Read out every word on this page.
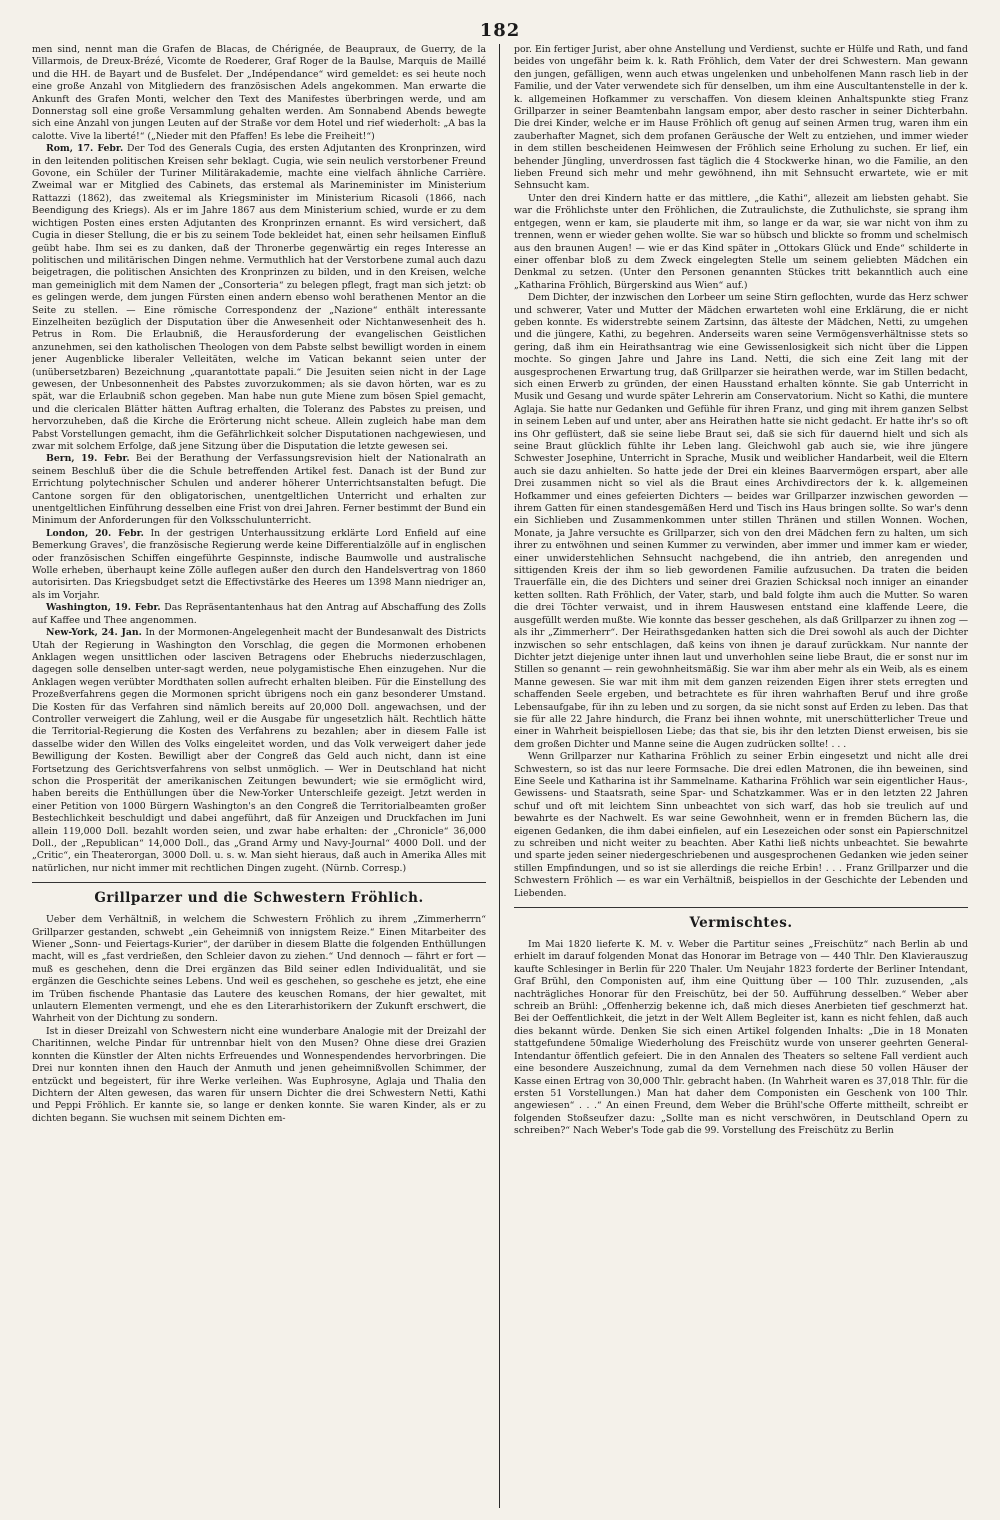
182

men sind, nennt man die Grafen de Blacas, de Chérignée, de Beaupraux, de Guerry, de la Villarmois, de Dreux-Brézé, Vicomte de Roederer, Graf Roger de la Baulse, Marquis de Maillé und die HH. de Bayart und de Busfelet. Der „Indépendance“ wird gemeldet: es sei heute noch eine große Anzahl von Mitgliedern des französischen Adels angekommen. Man erwarte die Ankunft des Grafen Monti, welcher den Text des Manifestes überbringen werde, und am Donnerstag soll eine große Versammlung gehalten werden. Am Sonnabend Abends bewegte sich eine Anzahl von jungen Leuten auf der Straße vor dem Hotel und rief wiederholt: „A bas la calotte. Vive la liberté!“ („Nieder mit den Pfaffen! Es lebe die Freiheit!“)

Rom, 17. Febr. Der Tod des Generals Cugia, des ersten Adjutanten des Kronprinzen, wird in den leitenden politischen Kreisen sehr beklagt. Cugia, wie sein neulich verstorbener Freund Govone, ein Schüler der Turiner Militärakademie, machte eine vielfach ähnliche Carrière. Zweimal war er Mitglied des Cabinets, das erstemal als Marineminister im Ministerium Rattazzi (1862), das zweitemal als Kriegsminister im Ministerium Ricasoli (1866, nach Beendigung des Kriegs). Als er im Jahre 1867 aus dem Ministerium schied, wurde er zu dem wichtigen Posten eines ersten Adjutanten des Kronprinzen ernannt. Es wird versichert, daß Cugia in dieser Stellung, die er bis zu seinem Tode bekleidet hat, einen sehr heilsamen Einfluß geübt habe. Ihm sei es zu danken, daß der Thronerbe gegenwärtig ein reges Interesse an politischen und militärischen Dingen nehme. Vermuthlich hat der Verstorbene zumal auch dazu beigetragen, die politischen Ansichten des Kronprinzen zu bilden, und in den Kreisen, welche man gemeiniglich mit dem Namen der „Consorteria“ zu belegen pflegt, fragt man sich jetzt: ob es gelingen werde, dem jungen Fürsten einen andern ebenso wohl berathenen Mentor an die Seite zu stellen. — Eine römische Correspondenz der „Nazione“ enthält interessante Einzelheiten bezüglich der Disputation über die Anwesenheit oder Nichtanwesenheit des h. Petrus in Rom. Die Erlaubniß, die Herausforderung der evangelischen Geistlichen anzunehmen, sei den katholischen Theologen von dem Pabste selbst bewilligt worden in einem jener Augenblicke liberaler Velleitäten, welche im Vatican bekannt seien unter der (unübersetzbaren) Bezeichnung „quarantottate papali.“ Die Jesuiten seien nicht in der Lage gewesen, der Unbesonnenheit des Pabstes zuvorzukommen; als sie davon hörten, war es zu spät, war die Erlaubniß schon gegeben. Man habe nun gute Miene zum bösen Spiel gemacht, und die clericalen Blätter hätten Auftrag erhalten, die Toleranz des Pabstes zu preisen, und hervorzuheben, daß die Kirche die Erörterung nicht scheue. Allein zugleich habe man dem Pabst Vorstellungen gemacht, ihm die Gefährlichkeit solcher Disputationen nachgewiesen, und zwar mit solchem Erfolge, daß jene Sitzung über die Disputation die letzte gewesen sei.

Bern, 19. Febr. Bei der Berathung der Verfassungsrevision hielt der Nationalrath an seinem Beschluß über die die Schule betreffenden Artikel fest. Danach ist der Bund zur Errichtung polytechnischer Schulen und anderer höherer Unterrichtsanstalten befugt. Die Cantone sorgen für den obligatorischen, unentgeltlichen Unterricht und erhalten zur unentgeltlichen Einführung desselben eine Frist von drei Jahren. Ferner bestimmt der Bund ein Minimum der Anforderungen für den Volksschulunterricht.

London, 20. Febr. In der gestrigen Unterhaussitzung erklärte Lord Enfield auf eine Bemerkung Graves', die französische Regierung werde keine Differentialzölle auf in englischen oder französischen Schiffen eingeführte Gespinnste, indische Baumwolle und australische Wolle erheben, überhaupt keine Zölle auflegen außer den durch den Handelsvertrag von 1860 autorisirten. Das Kriegsbudget setzt die Effectivstärke des Heeres um 1398 Mann niedriger an, als im Vorjahr.

Washington, 19. Febr. Das Repräsentantenhaus hat den Antrag auf Abschaffung des Zolls auf Kaffee und Thee angenommen.

New-York, 24. Jan. In der Mormonen-Angelegenheit macht der Bundesanwalt des Districts Utah der Regierung in Washington den Vorschlag, die gegen die Mormonen erhobenen Anklagen wegen unsittlichen oder lasciven Betragens oder Ehebruchs niederzuschlagen, dagegen solle denselben unter-sagt werden, neue polygamistische Ehen einzugehen. Nur die Anklagen wegen verübter Mordthaten sollen aufrecht erhalten bleiben. Für die Einstellung des Prozeßverfahrens gegen die Mormonen spricht übrigens noch ein ganz besonderer Umstand. Die Kosten für das Verfahren sind nämlich bereits auf 20,000 Doll. angewachsen, und der Controller verweigert die Zahlung, weil er die Ausgabe für ungesetzlich hält. Rechtlich hätte die Territorial-Regierung die Kosten des Verfahrens zu bezahlen; aber in diesem Falle ist dasselbe wider den Willen des Volks eingeleitet worden, und das Volk verweigert daher jede Bewilligung der Kosten. Bewilligt aber der Congreß das Geld auch nicht, dann ist eine Fortsetzung des Gerichtsverfahrens von selbst unmöglich. — Wer in Deutschland hat nicht schon die Prosperität der amerikanischen Zeitungen bewundert; wie sie ermöglicht wird, haben bereits die Enthüllungen über die New-Yorker Unterschleife gezeigt. Jetzt werden in einer Petition von 1000 Bürgern Washington's an den Congreß die Territorialbeamten großer Bestechlichkeit beschuldigt und dabei angeführt, daß für Anzeigen und Druckfachen im Juni allein 119,000 Doll. bezahlt worden seien, und zwar habe erhalten: der „Chronicle“ 36,000 Doll., der „Republican“ 14,000 Doll., das „Grand Army und Navy-Journal“ 4000 Doll. und der „Critic“, ein Theaterorgan, 3000 Doll. u. s. w. Man sieht hieraus, daß auch in Amerika Alles mit natürlichen, nur nicht immer mit rechtlichen Dingen zugeht. (Nürnb. Corresp.)

Grillparzer und die Schwestern Fröhlich.

Ueber dem Verhältniß, in welchem die Schwestern Fröhlich zu ihrem „Zimmerherrn“ Grillparzer gestanden, schwebt „ein Geheimniß von innigstem Reize.“ Einen Mitarbeiter des Wiener „Sonn- und Feiertags-Kurier“, der darüber in diesem Blatte die folgenden Enthüllungen macht, will es „fast verdrießen, den Schleier davon zu ziehen.“ Und dennoch — fährt er fort — muß es geschehen, denn die Drei ergänzen das Bild seiner edlen Individualität, und sie ergänzen die Geschichte seines Lebens. Und weil es geschehen, so geschehe es jetzt, ehe eine im Trüben fischende Phantasie das Lautere des keuschen Romans, der hier gewaltet, mit unlautern Elementen vermengt, und ehe es den Literarhistorikern der Zukunft erschwert, die Wahrheit von der Dichtung zu sondern.

Ist in dieser Dreizahl von Schwestern nicht eine wunderbare Analogie mit der Dreizahl der Charitinnen, welche Pindar für untrennbar hielt von den Musen? Ohne diese drei Grazien konnten die Künstler der Alten nichts Erfreuendes und Wonnespendendes hervorbringen. Die Drei nur konnten ihnen den Hauch der Anmuth und jenen geheimnißvollen Schimmer, der entzückt und begeistert, für ihre Werke verleihen. Was Euphrosyne, Aglaja und Thalia den Dichtern der Alten gewesen, das waren für unsern Dichter die drei Schwestern Netti, Kathi und Peppi Fröhlich. Er kannte sie, so lange er denken konnte. Sie waren Kinder, als er zu dichten begann. Sie wuchsen mit seinem Dichten em-

por. Ein fertiger Jurist, aber ohne Anstellung und Verdienst, suchte er Hülfe und Rath, und fand beides von ungefähr beim k. k. Rath Fröhlich, dem Vater der drei Schwestern. Man gewann den jungen, gefälligen, wenn auch etwas ungelenken und unbeholfenen Mann rasch lieb in der Familie, und der Vater verwendete sich für denselben, um ihm eine Auscultantenstelle in der k. k. allgemeinen Hofkammer zu verschaffen. Von diesem kleinen Anhaltspunkte stieg Franz Grillparzer in seiner Beamtenbahn langsam empor, aber desto rascher in seiner Dichterbahn. Die drei Kinder, welche er im Hause Fröhlich oft genug auf seinen Armen trug, waren ihm ein zauberhafter Magnet, sich dem profanen Geräusche der Welt zu entziehen, und immer wieder in dem stillen bescheidenen Heimwesen der Fröhlich seine Erholung zu suchen. Er lief, ein behender Jüngling, unverdrossen fast täglich die 4 Stockwerke hinan, wo die Familie, an den lieben Freund sich mehr und mehr gewöhnend, ihn mit Sehnsucht erwartete, wie er mit Sehnsucht kam.

Unter den drei Kindern hatte er das mittlere, „die Kathi“, allezeit am liebsten gehabt. Sie war die Fröhlichste unter den Fröhlichen, die Zutraulichste, die Zuthulichste, sie sprang ihm entgegen, wenn er kam, sie plauderte mit ihm, so lange er da war, sie war nicht von ihm zu trennen, wenn er wieder gehen wollte. Sie war so hübsch und blickte so fromm und schelmisch aus den braunen Augen! — wie er das Kind später in „Ottokars Glück und Ende“ schilderte in einer offenbar bloß zu dem Zweck eingelegten Stelle um seinem geliebten Mädchen ein Denkmal zu setzen. (Unter den Personen genannten Stückes tritt bekanntlich auch eine „Katharina Fröhlich, Bürgerskind aus Wien“ auf.)

Dem Dichter, der inzwischen den Lorbeer um seine Stirn geflochten, wurde das Herz schwer und schwerer, Vater und Mutter der Mädchen erwarteten wohl eine Erklärung, die er nicht geben konnte. Es widerstrebte seinem Zartsinn, das älteste der Mädchen, Netti, zu umgehen und die jüngere, Kathi, zu begehren. Anderseits waren seine Vermögensverhältnisse stets so gering, daß ihm ein Heirathsantrag wie eine Gewissenlosigkeit sich nicht über die Lippen mochte. So gingen Jahre und Jahre ins Land. Netti, die sich eine Zeit lang mit der ausgesprochenen Erwartung trug, daß Grillparzer sie heirathen werde, war im Stillen bedacht, sich einen Erwerb zu gründen, der einen Hausstand erhalten könnte. Sie gab Unterricht in Musik und Gesang und wurde später Lehrerin am Conservatorium. Nicht so Kathi, die muntere Aglaja. Sie hatte nur Gedanken und Gefühle für ihren Franz, und ging mit ihrem ganzen Selbst in seinem Leben auf und unter, aber ans Heirathen hatte sie nicht gedacht. Er hatte ihr's so oft ins Ohr geflüstert, daß sie seine liebe Braut sei, daß sie sich für dauernd hielt und sich als seine Braut glücklich fühlte ihr Leben lang. Gleichwohl gab auch sie, wie ihre jüngere Schwester Josephine, Unterricht in Sprache, Musik und weiblicher Handarbeit, weil die Eltern auch sie dazu anhielten. So hatte jede der Drei ein kleines Baarvermögen erspart, aber alle Drei zusammen nicht so viel als die Braut eines Archivdirectors der k. k. allgemeinen Hofkammer und eines gefeierten Dichters — beides war Grillparzer inzwischen geworden — ihrem Gatten für einen standesgemäßen Herd und Tisch ins Haus bringen sollte. So war's denn ein Sichlieben und Zusammenkommen unter stillen Thränen und stillen Wonnen. Wochen, Monate, ja Jahre versuchte es Grillparzer, sich von den drei Mädchen fern zu halten, um sich ihrer zu entwöhnen und seinen Kummer zu verwinden, aber immer und immer kam er wieder, einer unwiderstehlichen Sehnsucht nachgebend, die ihn antrieb, den anregenden und sittigenden Kreis der ihm so lieb gewordenen Familie aufzusuchen. Da traten die beiden Trauerfälle ein, die des Dichters und seiner drei Grazien Schicksal noch inniger an einander ketten sollten. Rath Fröhlich, der Vater, starb, und bald folgte ihm auch die Mutter. So waren die drei Töchter verwaist, und in ihrem Hauswesen entstand eine klaffende Leere, die ausgefüllt werden mußte. Wie konnte das besser geschehen, als daß Grillparzer zu ihnen zog — als ihr „Zimmerherr“. Der Heirathsgedanken hatten sich die Drei sowohl als auch der Dichter inzwischen so sehr entschlagen, daß keins von ihnen je darauf zurückkam. Nur nannte der Dichter jetzt diejenige unter ihnen laut und unverhohlen seine liebe Braut, die er sonst nur im Stillen so genannt — rein gewohnheitsmäßig. Sie war ihm aber mehr als ein Weib, als es einem Manne gewesen. Sie war mit ihm mit dem ganzen reizenden Eigen ihrer stets erregten und schaffenden Seele ergeben, und betrachtete es für ihren wahrhaften Beruf und ihre große Lebensaufgabe, für ihn zu leben und zu sorgen, da sie nicht sonst auf Erden zu leben. Das that sie für alle 22 Jahre hindurch, die Franz bei ihnen wohnte, mit unerschütterlicher Treue und einer in Wahrheit beispiellosen Liebe; das that sie, bis ihr den letzten Dienst erweisen, bis sie dem großen Dichter und Manne seine die Augen zudrücken sollte! . . .

Wenn Grillparzer nur Katharina Fröhlich zu seiner Erbin eingesetzt und nicht alle drei Schwestern, so ist das nur leere Formsache. Die drei edlen Matronen, die ihn beweinen, sind Eine Seele und Katharina ist ihr Sammelname. Katharina Fröhlich war sein eigentlicher Haus-, Gewissens- und Staatsrath, seine Spar- und Schatzkammer. Was er in den letzten 22 Jahren schuf und oft mit leichtem Sinn unbeachtet von sich warf, das hob sie treulich auf und bewahrte es der Nachwelt. Es war seine Gewohnheit, wenn er in fremden Büchern las, die eigenen Gedanken, die ihm dabei einfielen, auf ein Lesezeichen oder sonst ein Papierschnitzel zu schreiben und nicht weiter zu beachten. Aber Kathi ließ nichts unbeachtet. Sie bewahrte und sparte jeden seiner niedergeschriebenen und ausgesprochenen Gedanken wie jeden seiner stillen Empfindungen, und so ist sie allerdings die reiche Erbin! . . . Franz Grillparzer und die Schwestern Fröhlich — es war ein Verhältniß, beispiellos in der Geschichte der Lebenden und Liebenden.

Vermischtes.

Im Mai 1820 lieferte K. M. v. Weber die Partitur seines „Freischütz“ nach Berlin ab und erhielt im darauf folgenden Monat das Honorar im Betrage von — 440 Thlr. Den Klavierauszug kaufte Schlesinger in Berlin für 220 Thaler. Um Neujahr 1823 forderte der Berliner Intendant, Graf Brühl, den Componisten auf, ihm eine Quittung über — 100 Thlr. zuzusenden, „als nachträgliches Honorar für den Freischütz, bei der 50. Aufführung desselben.“ Weber aber schreib an Brühl: „Offenherzig bekenne ich, daß mich dieses Anerbieten tief geschmerzt hat. Bei der Oeffentlichkeit, die jetzt in der Welt Allem Begleiter ist, kann es nicht fehlen, daß auch dies bekannt würde. Denken Sie sich einen Artikel folgenden Inhalts: „Die in 18 Monaten stattgefundene 50malige Wiederholung des Freischütz wurde von unserer geehrten General-Intendantur öffentlich gefeiert. Die in den Annalen des Theaters so seltene Fall verdient auch eine besondere Auszeichnung, zumal da dem Vernehmen nach diese 50 vollen Häuser der Kasse einen Ertrag von 30,000 Thlr. gebracht haben. (In Wahrheit waren es 37,018 Thlr. für die ersten 51 Vorstellungen.) Man hat daher dem Componisten ein Geschenk von 100 Thlr. angewiesen“ . . .“ An einen Freund, dem Weber die Brühl'sche Offerte mittheilt, schreibt er folgenden Stoßseufzer dazu: „Sollte man es nicht verschwören, in Deutschland Opern zu schreiben?“ Nach Weber's Tode gab die 99. Vorstellung des Freischütz zu Berlin
